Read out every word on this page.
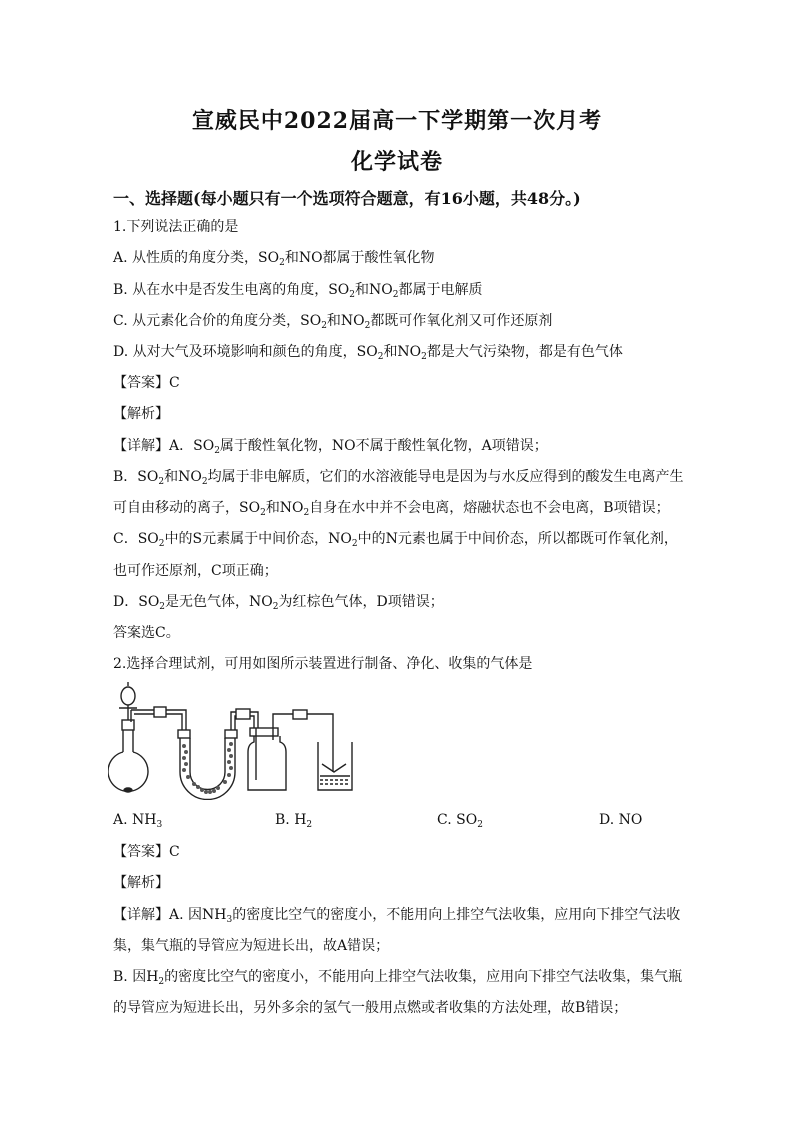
宣威民中2022届高一下学期第一次月考
化学试卷
一、选择题(每小题只有一个选项符合题意，有16小题，共48分。)
1.下列说法正确的是
A. 从性质的角度分类，$SO_2$和NO都属于酸性氧化物
B. 从在水中是否发生电离的角度，$SO_2$和$NO_2$都属于电解质
C. 从元素化合价的角度分类，$SO_2$和$NO_2$都既可作氧化剂又可作还原剂
D. 从对大气及环境影响和颜色的角度，$SO_2$和$NO_2$都是大气污染物，都是有色气体
【答案】C
【解析】
【详解】A．$SO_2$属于酸性氧化物，NO不属于酸性氧化物，A项错误；
B．$SO_2$和$NO_2$均属于非电解质，它们的水溶液能导电是因为与水反应得到的酸发生电离产生
可自由移动的离子，$SO_2$和$NO_2$自身在水中并不会电离，熔融状态也不会电离，B项错误；
C．$SO_2$中的S元素属于中间价态，$NO_2$中的N元素也属于中间价态，所以都既可作氧化剂，
也可作还原剂，C项正确；
D．$SO_2$是无色气体，$NO_2$为红棕色气体，D项错误；
答案选C。
2.选择合理试剂，可用如图所示装置进行制备、净化、收集的气体是
A. $NH_3$	B. $H_2$	C. $SO_2$	D. NO
【答案】C
【解析】
【详解】A. 因$NH_3$的密度比空气的密度小，不能用向上排空气法收集，应用向下排空气法收
集，集气瓶的导管应为短进长出，故A错误；
B. 因$H_2$的密度比空气的密度小，不能用向上排空气法收集，应用向下排空气法收集，集气瓶
的导管应为短进长出，另外多余的氢气一般用点燃或者收集的方法处理，故B错误；
